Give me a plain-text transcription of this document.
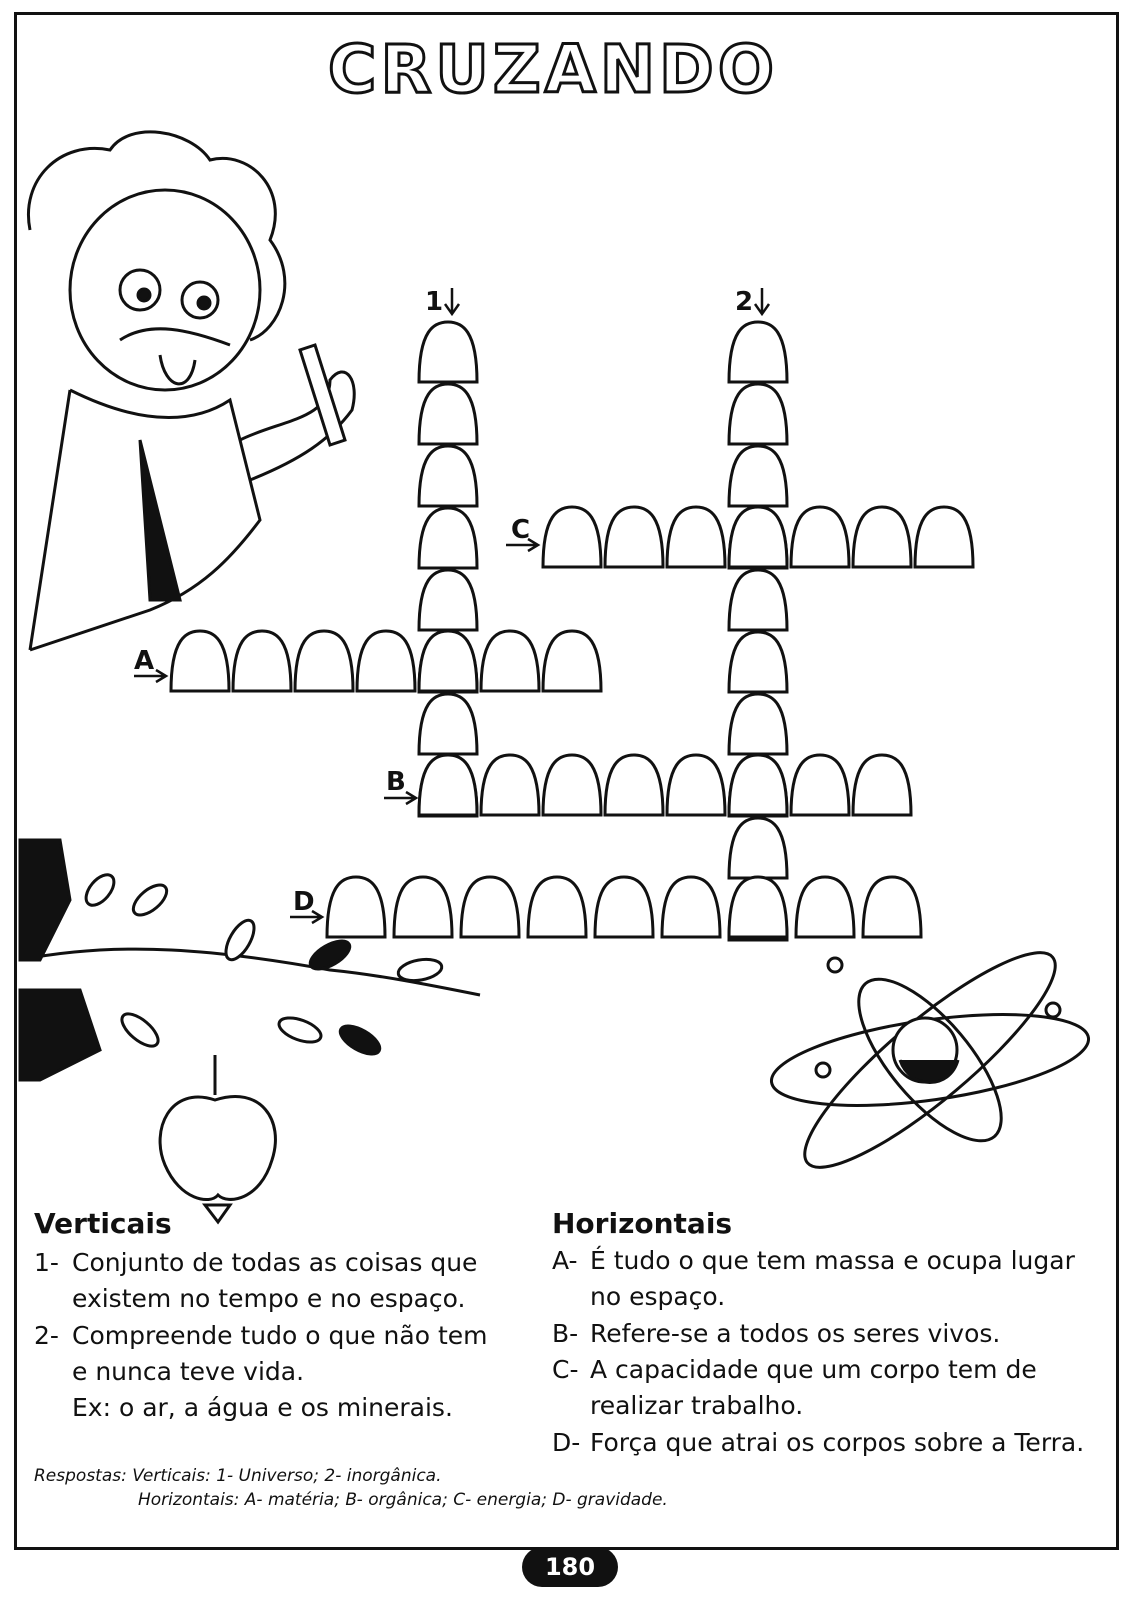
CRUZANDO
1	2
A
B
C
D
Verticais
1- Conjunto de todas as coisas que
existem no tempo e no espaço.
2- Compreende tudo o que não tem
e nunca teve vida.
Ex: o ar, a água e os minerais.
Horizontais
A- É tudo o que tem massa e ocupa lugar
no espaço.
B- Refere-se a todos os seres vivos.
C- A capacidade que um corpo tem de
realizar trabalho.
D- Força que atrai os corpos sobre a Terra.
Respostas: Verticais: 1- Universo; 2- inorgânica.
Horizontais: A- matéria; B- orgânica; C- energia; D- gravidade.
180
